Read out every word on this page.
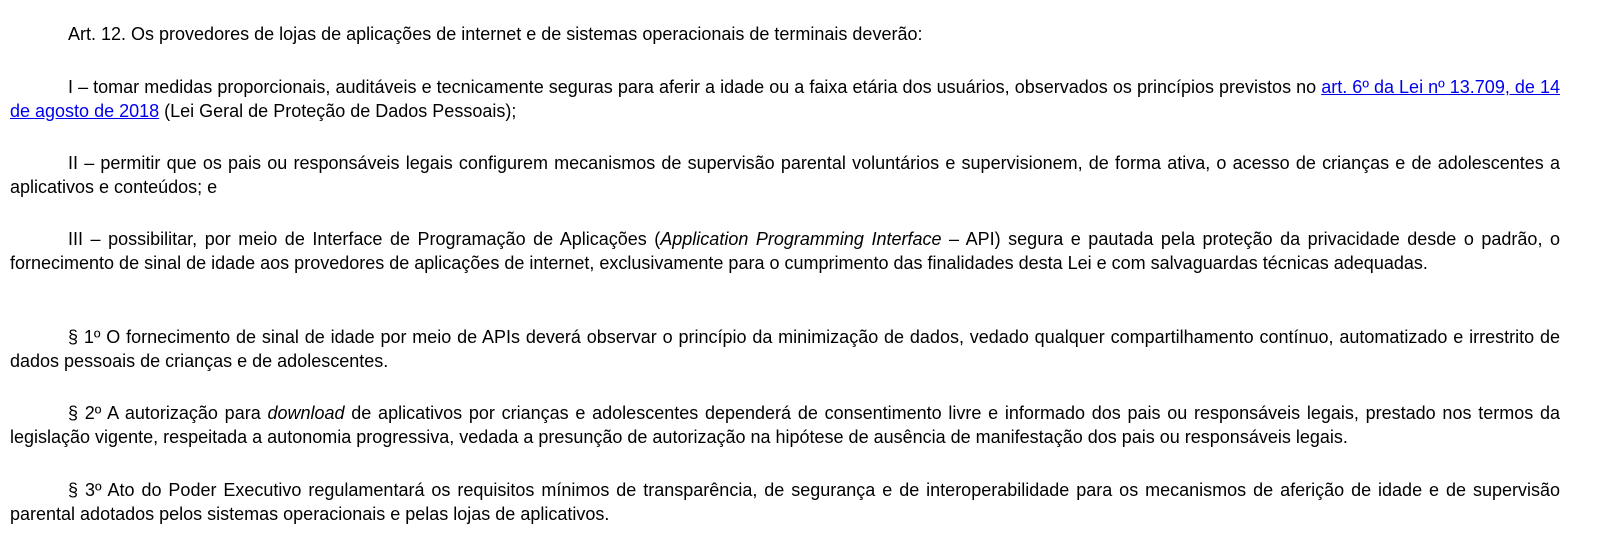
Art. 12. Os provedores de lojas de aplicações de internet e de sistemas operacionais de terminais deverão:

I – tomar medidas proporcionais, auditáveis e tecnicamente seguras para aferir a idade ou a faixa etária dos usuários, observados os princípios previstos no art. 6º da Lei nº 13.709, de 14 de agosto de 2018 (Lei Geral de Proteção de Dados Pessoais);

II – permitir que os pais ou responsáveis legais configurem mecanismos de supervisão parental voluntários e supervisionem, de forma ativa, o acesso de crianças e de adolescentes a aplicativos e conteúdos; e

III – possibilitar, por meio de Interface de Programação de Aplicações (Application Programming Interface – API) segura e pautada pela proteção da privacidade desde o padrão, o fornecimento de sinal de idade aos provedores de aplicações de internet, exclusivamente para o cumprimento das finalidades desta Lei e com salvaguardas técnicas adequadas.

§ 1º O fornecimento de sinal de idade por meio de APIs deverá observar o princípio da minimização de dados, vedado qualquer compartilhamento contínuo, automatizado e irrestrito de dados pessoais de crianças e de adolescentes.

§ 2º A autorização para download de aplicativos por crianças e adolescentes dependerá de consentimento livre e informado dos pais ou responsáveis legais, prestado nos termos da legislação vigente, respeitada a autonomia progressiva, vedada a presunção de autorização na hipótese de ausência de manifestação dos pais ou responsáveis legais.

§ 3º Ato do Poder Executivo regulamentará os requisitos mínimos de transparência, de segurança e de interoperabilidade para os mecanismos de aferição de idade e de supervisão parental adotados pelos sistemas operacionais e pelas lojas de aplicativos.
